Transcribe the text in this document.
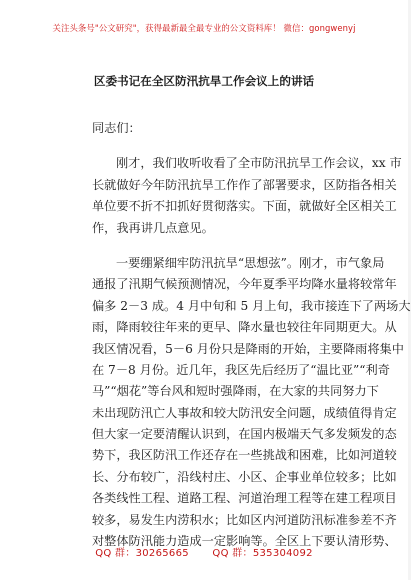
关注头条号"公文研究"，获得最新最全最专业的公文资料库！ 微信：gongwenyj
区委书记在全区防汛抗旱工作会议上的讲话
同志们：
刚才，我们收听收看了全市防汛抗旱工作会议，xx 市
长就做好今年防汛抗旱工作作了部署要求，区防指各相关
单位要不折不扣抓好贯彻落实。下面，就做好全区相关工
作，我再讲几点意见。
一要绷紧细牢防汛抗旱“思想弦”。刚才，市气象局
通报了汛期气候预测情况，今年夏季平均降水量将较常年
偏多 2－3 成。4 月中旬和 5 月上旬，我市接连下了两场大
雨，降雨较往年来的更早、降水量也较往年同期更大。从
我区情况看，5－6 月份只是降雨的开始，主要降雨将集中
在 7－8 月份。近几年，我区先后经历了“温比亚”“利奇
马”“烟花”等台风和短时强降雨，在大家的共同努力下
未出现防汛亡人事故和较大防汛安全问题，成绩值得肯定
但大家一定要清醒认识到，在国内极端天气多发频发的态
势下，我区防汛工作还存在一些挑战和困难，比如河道较
长、分布较广，沿线村庄、小区、企事业单位较多；比如
各类线性工程、道路工程、河道治理工程等在建工程项目
较多，易发生内涝积水；比如区内河道防汛标准参差不齐
对整体防汛能力造成一定影响等。全区上下要认清形势、
QQ 群：30265665 QQ 群：535304092
